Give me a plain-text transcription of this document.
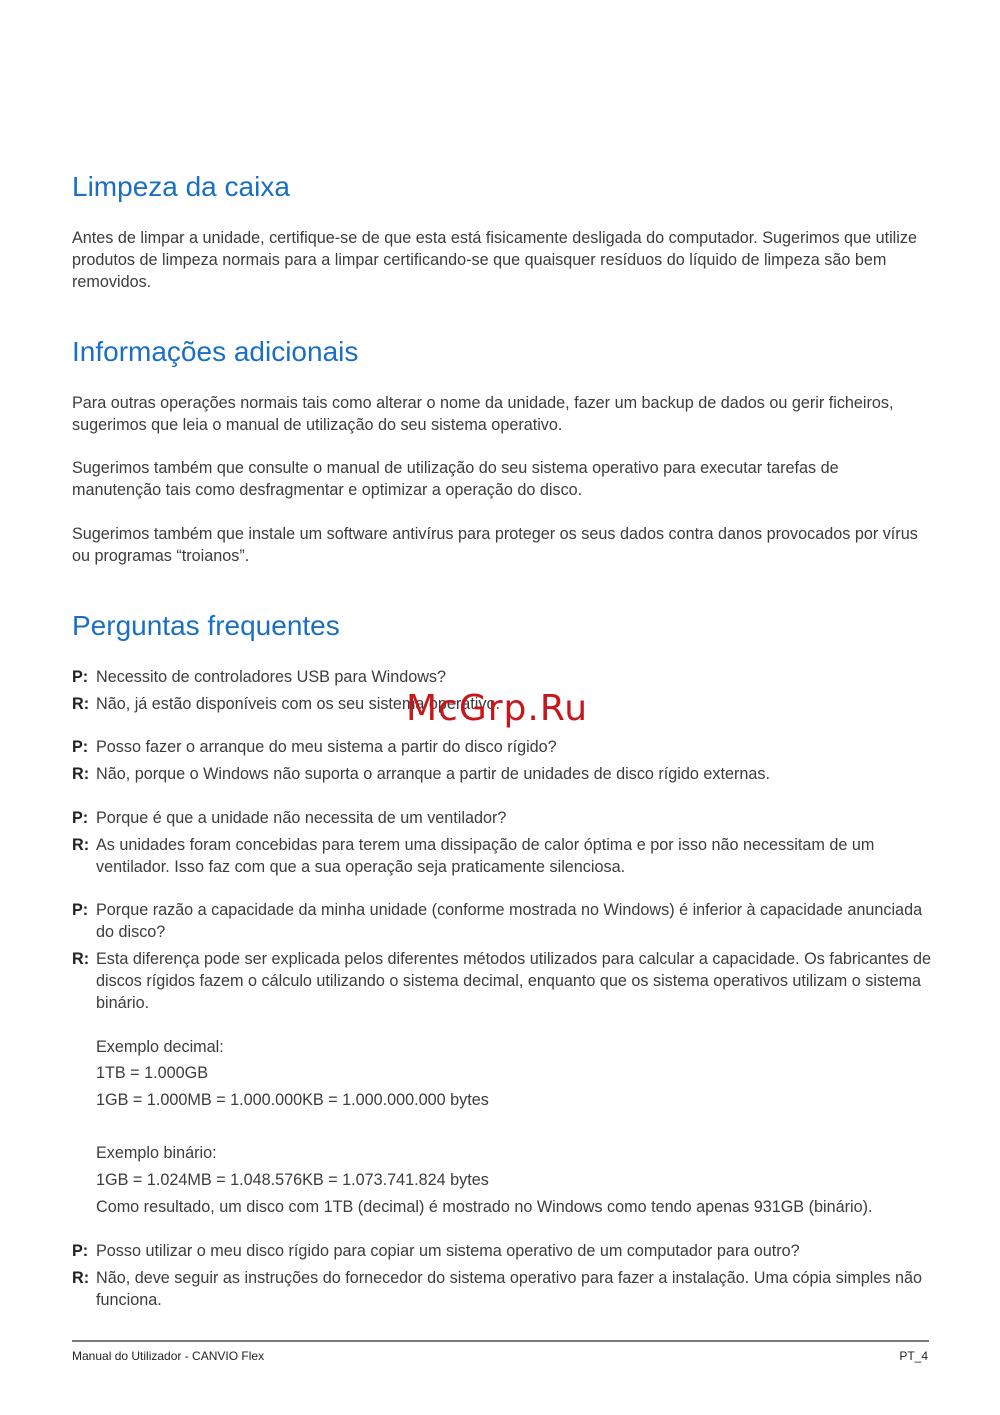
Limpeza da caixa

Antes de limpar a unidade, certifique-se de que esta está fisicamente desligada do computador. Sugerimos que utilize produtos de limpeza normais para a limpar certificando-se que quaisquer resíduos do líquido de limpeza são bem removidos.

Informações adicionais

Para outras operações normais tais como alterar o nome da unidade, fazer um backup de dados ou gerir ficheiros, sugerimos que leia o manual de utilização do seu sistema operativo.

Sugerimos também que consulte o manual de utilização do seu sistema operativo para executar tarefas de manutenção tais como desfragmentar e optimizar a operação do disco.

Sugerimos também que instale um software antivírus para proteger os seus dados contra danos provocados por vírus ou programas “troianos”.

Perguntas frequentes
P: Necessito de controladores USB para Windows?
R: Não, já estão disponíveis com os seu sistema operativo.
P: Posso fazer o arranque do meu sistema a partir do disco rígido?
R: Não, porque o Windows não suporta o arranque a partir de unidades de disco rígido externas.
P: Porque é que a unidade não necessita de um ventilador?
R: As unidades foram concebidas para terem uma dissipação de calor óptima e por isso não necessitam de um ventilador. Isso faz com que a sua operação seja praticamente silenciosa.
P: Porque razão a capacidade da minha unidade (conforme mostrada no Windows) é inferior à capacidade anunciada do disco?
R: Esta diferença pode ser explicada pelos diferentes métodos utilizados para calcular a capacidade. Os fabricantes de discos rígidos fazem o cálculo utilizando o sistema decimal, enquanto que os sistema operativos utilizam o sistema binário.
Exemplo decimal:
1TB = 1.000GB
1GB = 1.000MB = 1.000.000KB = 1.000.000.000 bytes
Exemplo binário:
1GB = 1.024MB = 1.048.576KB = 1.073.741.824 bytes
Como resultado, um disco com 1TB (decimal) é mostrado no Windows como tendo apenas 931GB (binário).
P: Posso utilizar o meu disco rígido para copiar um sistema operativo de um computador para outro?
R: Não, deve seguir as instruções do fornecedor do sistema operativo para fazer a instalação. Uma cópia simples não funciona.
McGrp.Ru
Manual do Utilizador - CANVIO Flex	PT_4
